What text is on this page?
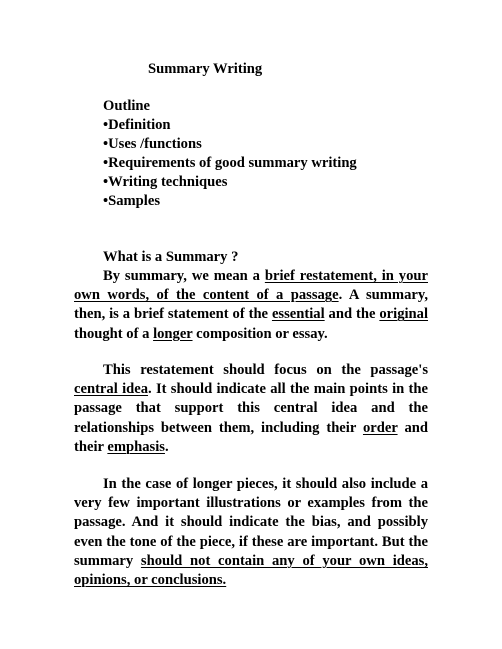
Summary Writing
Outline
•Definition
•Uses /functions
•Requirements of good summary writing
•Writing techniques
•Samples
What is a Summary ?

By summary, we mean a brief restatement, in your own words, of the content of a passage. A summary, then, is a brief statement of the essential and the original thought of a longer composition or essay.

This restatement should focus on the passage's central idea. It should indicate all the main points in the passage that support this central idea and the relationships between them, including their order and their emphasis.

In the case of longer pieces, it should also include a very few important illustrations or examples from the passage. And it should indicate the bias, and possibly even the tone of the piece, if these are important. But the summary should not contain any of your own ideas, opinions, or conclusions.
